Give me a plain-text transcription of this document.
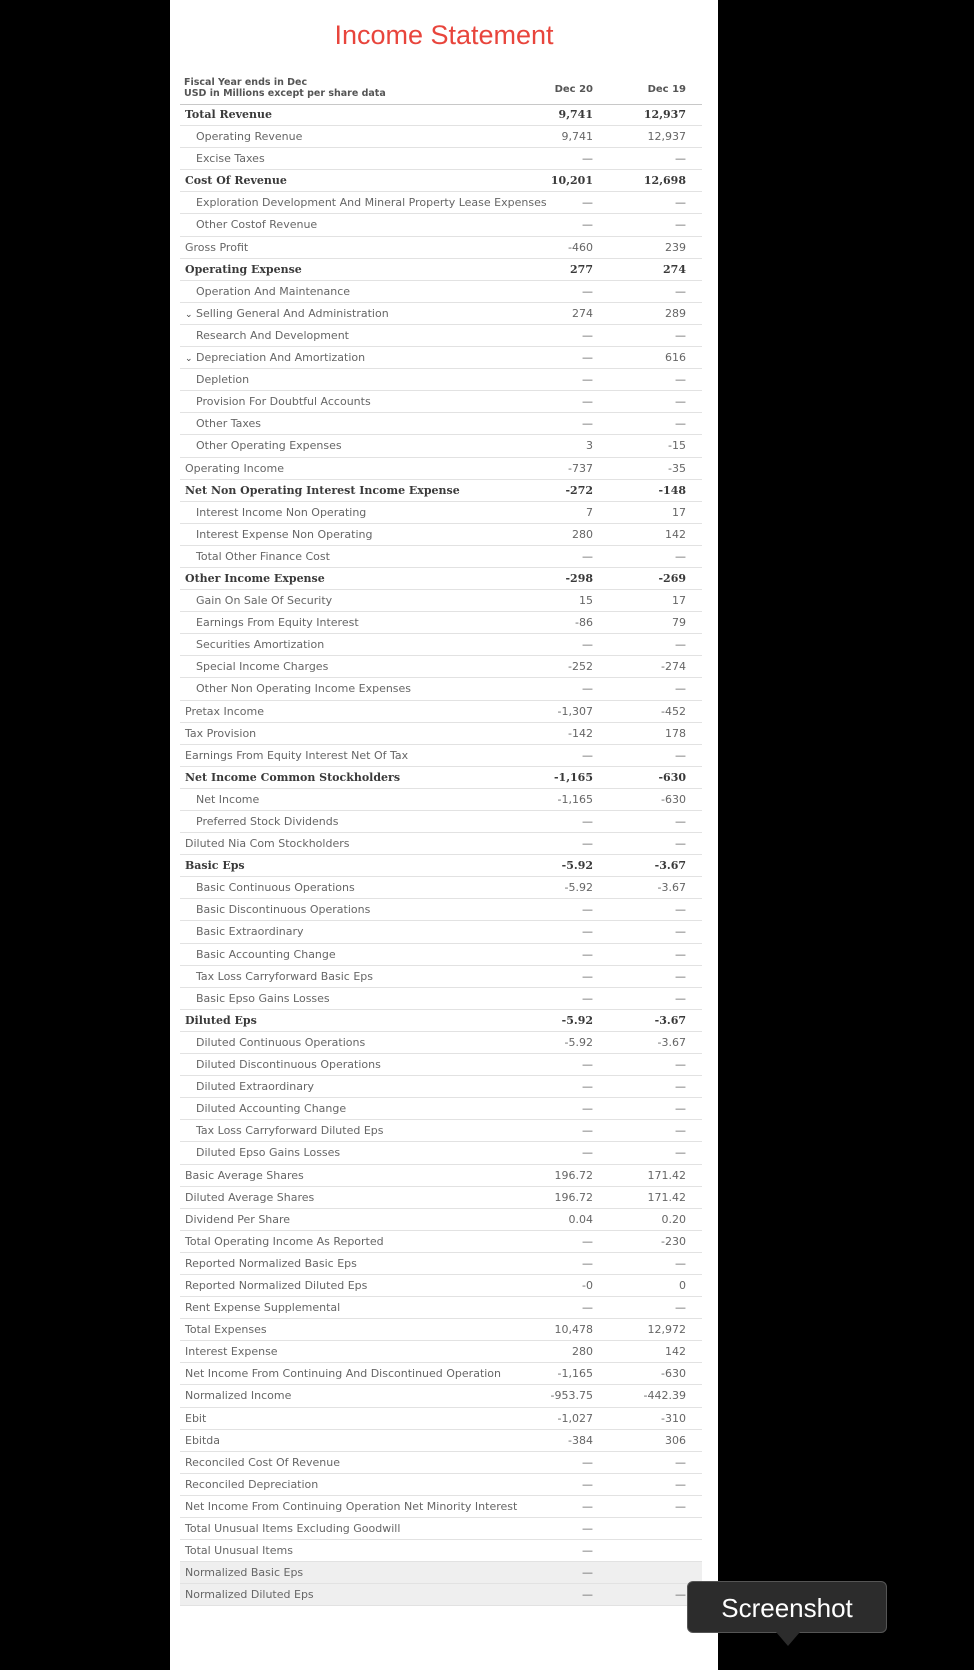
Income Statement
Fiscal Year ends in Dec
USD in Millions except per share data	Dec 20	Dec 19
Total Revenue	9,741	12,937
Operating Revenue	9,741	12,937
Excise Taxes	—	—
Cost Of Revenue	10,201	12,698
Exploration Development And Mineral Property Lease Expenses	—	—
Other Costof Revenue	—	—
Gross Profit	-460	239
Operating Expense	277	274
Operation And Maintenance	—	—
⌄ Selling General And Administration	274	289
Research And Development	—	—
⌄ Depreciation And Amortization	—	616
Depletion	—	—
Provision For Doubtful Accounts	—	—
Other Taxes	—	—
Other Operating Expenses	3	-15
Operating Income	-737	-35
Net Non Operating Interest Income Expense	-272	-148
Interest Income Non Operating	7	17
Interest Expense Non Operating	280	142
Total Other Finance Cost	—	—
Other Income Expense	-298	-269
Gain On Sale Of Security	15	17
Earnings From Equity Interest	-86	79
Securities Amortization	—	—
Special Income Charges	-252	-274
Other Non Operating Income Expenses	—	—
Pretax Income	-1,307	-452
Tax Provision	-142	178
Earnings From Equity Interest Net Of Tax	—	—
Net Income Common Stockholders	-1,165	-630
Net Income	-1,165	-630
Preferred Stock Dividends	—	—
Diluted Nia Com Stockholders	—	—
Basic Eps	-5.92	-3.67
Basic Continuous Operations	-5.92	-3.67
Basic Discontinuous Operations	—	—
Basic Extraordinary	—	—
Basic Accounting Change	—	—
Tax Loss Carryforward Basic Eps	—	—
Basic Epso Gains Losses	—	—
Diluted Eps	-5.92	-3.67
Diluted Continuous Operations	-5.92	-3.67
Diluted Discontinuous Operations	—	—
Diluted Extraordinary	—	—
Diluted Accounting Change	—	—
Tax Loss Carryforward Diluted Eps	—	—
Diluted Epso Gains Losses	—	—
Basic Average Shares	196.72	171.42
Diluted Average Shares	196.72	171.42
Dividend Per Share	0.04	0.20
Total Operating Income As Reported	—	-230
Reported Normalized Basic Eps	—	—
Reported Normalized Diluted Eps	-0	0
Rent Expense Supplemental	—	—
Total Expenses	10,478	12,972
Interest Expense	280	142
Net Income From Continuing And Discontinued Operation	-1,165	-630
Normalized Income	-953.75	-442.39
Ebit	-1,027	-310
Ebitda	-384	306
Reconciled Cost Of Revenue	—	—
Reconciled Depreciation	—	—
Net Income From Continuing Operation Net Minority Interest	—	—
Total Unusual Items Excluding Goodwill	—
Total Unusual Items	—
Normalized Basic Eps	—
Normalized Diluted Eps	—	—	Screenshot
